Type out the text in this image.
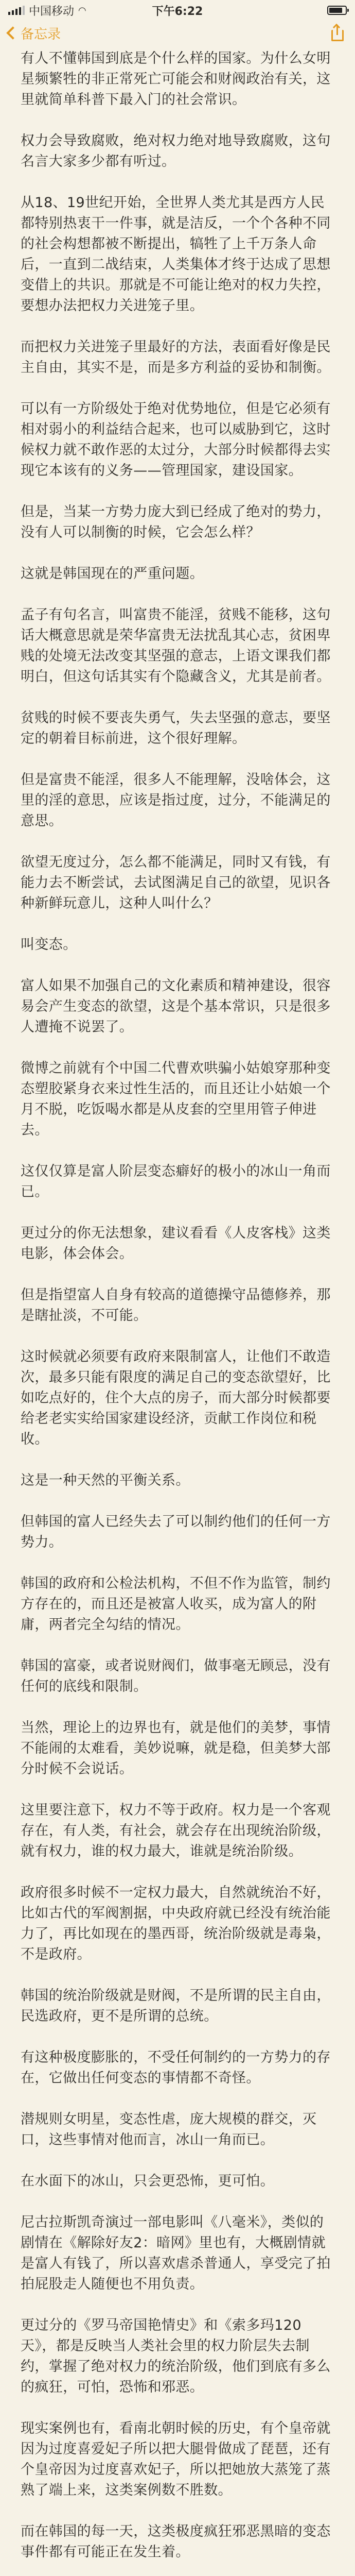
中国移动 ◠	下午6:22
备忘录

有人不懂韩国到底是个什么样的国家。为什么女明星频繁牲的非正常死亡可能会和财阀政治有关，这里就简单科普下最入门的社会常识。

权力会导致腐败，绝对权力绝对地导致腐败，这句名言大家多少都有听过。

从18、19世纪开始，全世界人类尤其是西方人民都特别热衷干一件事，就是洁反，一个个各种不同的社会构想都被不断提出，犒牲了上千万条人命后，一直到二战结束，人类集体才终于达成了思想变借上的共识。那就是不可能让绝对的权力失控，要想办法把权力关进笼子里。

而把权力关进笼子里最好的方法，表面看好像是民主自由，其实不是，而是多方利益的妥协和制衡。

可以有一方阶级处于绝对优势地位，但是它必须有相对弱小的利益结合起来，也可以威胁到它，这时候权力就不敢作恶的太过分，大部分时候都得去实现它本该有的义务——管理国家，建设国家。

但是，当某一方势力庞大到已经成了绝对的势力，没有人可以制衡的时候，它会怎么样？

这就是韩国现在的严重问题。

孟子有句名言，叫富贵不能淫，贫贱不能移，这句话大概意思就是荣华富贵无法扰乱其心志，贫困卑贱的处境无法改变其坚强的意志，上语文课我们都明白，但这句话其实有个隐藏含义，尤其是前者。

贫贱的时候不要丧失勇气，失去坚强的意志，要坚定的朝着目标前进，这个很好理解。

但是富贵不能淫，很多人不能理解，没啥体会，这里的淫的意思，应该是指过度，过分，不能满足的意思。

欲望无度过分，怎么都不能满足，同时又有钱，有能力去不断尝试，去试图满足自己的欲望，见识各种新鲜玩意儿，这种人叫什么？

叫变态。

富人如果不加强自己的文化素质和精神建设，很容易会产生变态的欲望，这是个基本常识，只是很多人遭掩不说罢了。

微博之前就有个中国二代曹欢哄骗小姑娘穿那种变态塑胶紧身衣来过性生活的，而且还让小姑娘一个月不脱，吃饭喝水都是从皮套的空里用管子伸进去。

这仅仅算是富人阶层变态癖好的极小的冰山一角而已。

更过分的你无法想象，建议看看《人皮客栈》这类电影，体会体会。

但是指望富人自身有较高的道德操守品德修养，那是瞎扯淡，不可能。

这时候就必须要有政府来限制富人，让他们不敢造次，最多只能有限度的满足自己的变态欲望好，比如吃点好的，住个大点的房子，而大部分时候都要给老老实实给国家建设经济，贡献工作岗位和税收。

这是一种天然的平衡关系。

但韩国的富人已经失去了可以制约他们的任何一方势力。

韩国的政府和公检法机构，不但不作为监管，制约方存在的，而且还是被富人收买，成为富人的附庸，两者完全勾结的情况。

韩国的富豪，或者说财阀们，做事毫无顾忌，没有任何的底线和限制。

当然，理论上的边界也有，就是他们的美梦，事情不能闹的太难看，美妙说嘛，就是稳，但美梦大部分时候不会说话。

这里要注意下，权力不等于政府。权力是一个客观存在，有人类，有社会，就会存在出现统治阶级，就有权力，谁的权力最大，谁就是统治阶级。

政府很多时候不一定权力最大，自然就统治不好，比如古代的军阀割据，中央政府就已经没有统治能力了，再比如现在的墨西哥，统治阶级就是毒枭，不是政府。

韩国的统治阶级就是财阀，不是所谓的民主自由，民选政府，更不是所谓的总统。

有这种极度膨胀的，不受任何制约的一方势力的存在，它做出任何变态的事情都不奇怪。

潜规则女明星，变态性虐，庞大规模的群交，灭口，这些事情对他而言，冰山一角而已。

在水面下的冰山，只会更恐怖，更可怕。

尼古拉斯凯奇演过一部电影叫《八毫米》，类似的剧情在《解除好友2：暗网》里也有，大概剧情就是富人有钱了，所以喜欢虐杀普通人，享受完了拍拍屁股走人随便也不用负责。

更过分的《罗马帝国艳情史》和《索多玛120天》，都是反映当人类社会里的权力阶层失去制约，掌握了绝对权力的统治阶级，他们到底有多么的疯狂，可怕，恐怖和邪恶。

现实案例也有，看南北朝时候的历史，有个皇帝就因为过度喜爱妃子所以把大腿骨做成了琵琶，还有个皇帝因为过度喜欢妃子，所以把她放大蒸笼了蒸熟了端上来，这类案例数不胜数。

而在韩国的每一天，这类极度疯狂邪恶黑暗的变态事件都有可能正在发生着。
